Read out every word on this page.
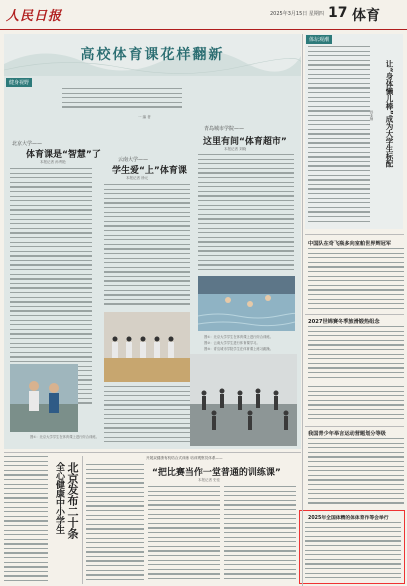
人民日报	2025年3月15日 星期四 17 体育
高校体育课花样翻新
健身视野
一 编 者
北京大学——
体育课是“智慧”了
本报记者 孙秀艳	云南大学——
学生爱“上”体育课
本报记者 徐元
青岛城市学院——
这里有间“体育超市”
本报记者 刘晓
图①：北京大学学生在体育课上进行综合训练。
图②：云南大学学生进行体育课学习。
图③：青岛城市学院学生在体育课上练习跳操。
图①：北京大学学生在体育课上进行综合训练。
体坛观潮
让“身体懒儿棒”成为大学生标配
孙亚楠
中国队在奇飞瓶多向室舶世界辉冠军
2027世锦赛冬季旅滑锻热组念
我国青少年举言运动营题划分等级
2025年全国体精的体体育作等会举行
北京发布二十条
全心健康中小学生
开展双健康有机结合式训练 培训观察员体系——
“把比赛当作一堂普通的训练课”
本报记者 史佳
